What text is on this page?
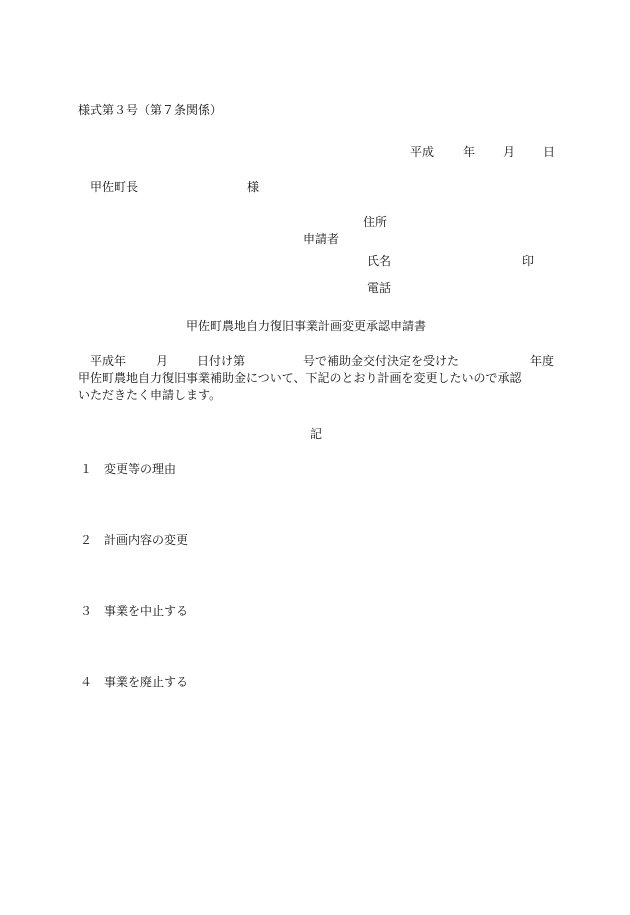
様式第３号（第７条関係）
平成 年 月 日
甲佐町長	様
住所
申請者
氏名	印
電話
甲佐町農地自力復旧事業計画変更承認申請書
平成年 月 日付け第	号で補助金交付決定を受けた	年度
甲佐町農地自力復旧事業補助金について、下記のとおり計画を変更したいので承認
いただきたく申請します。
記
１ 変更等の理由
２ 計画内容の変更
３ 事業を中止する
４ 事業を廃止する
